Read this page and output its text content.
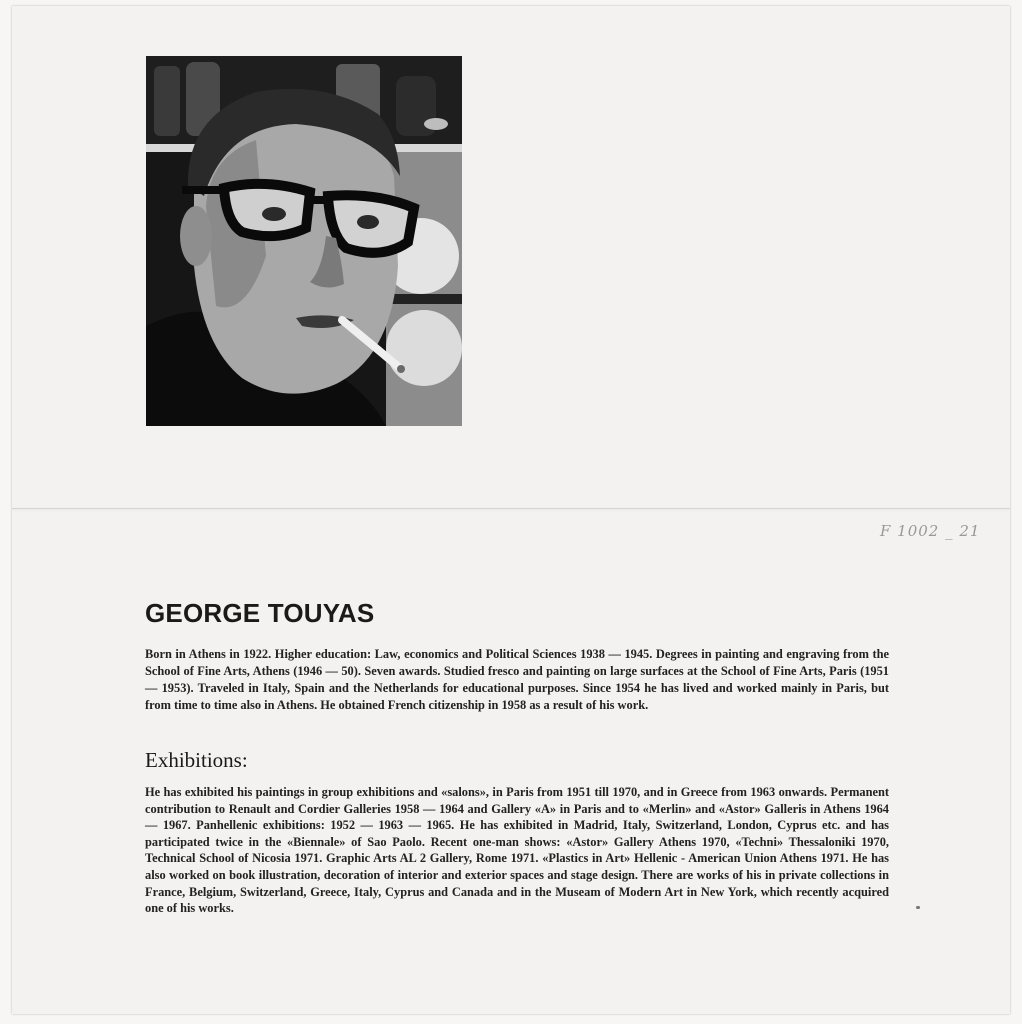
F 1002 _ 21
GEORGE TOUYAS

Born in Athens in 1922. Higher education: Law, economics and Political Sciences 1938 — 1945. Degrees in painting and engraving from the School of Fine Arts, Athens (1946 — 50). Seven awards. Studied fresco and painting on large surfaces at the School of Fine Arts, Paris (1951 — 1953). Traveled in Italy, Spain and the Netherlands for educational purposes. Since 1954 he has lived and worked mainly in Paris, but from time to time also in Athens. He obtained French citizenship in 1958 as a result of his work.

Exhibitions:

He has exhibited his paintings in group exhibitions and «salons», in Paris from 1951 till 1970, and in Greece from 1963 onwards. Permanent contribution to Renault and Cordier Galleries 1958 — 1964 and Gallery «A» in Paris and to «Merlin» and «Astor» Galleris in Athens 1964 — 1967. Panhellenic exhibitions: 1952 — 1963 — 1965. He has exhibited in Madrid, Italy, Switzerland, London, Cyprus etc. and has participated twice in the «Biennale» of Sao Paolo. Recent one-man shows: «Astor» Gallery Athens 1970, «Techni» Thessaloniki 1970, Technical School of Nicosia 1971. Graphic Arts AL 2 Gallery, Rome 1971. «Plastics in Art» Hellenic - American Union Athens 1971. He has also worked on book illustration, decoration of interior and exterior spaces and stage design. There are works of his in private collections in France, Belgium, Switzerland, Greece, Italy, Cyprus and Canada and in the Museam of Modern Art in New York, which recently acquired one of his works.
